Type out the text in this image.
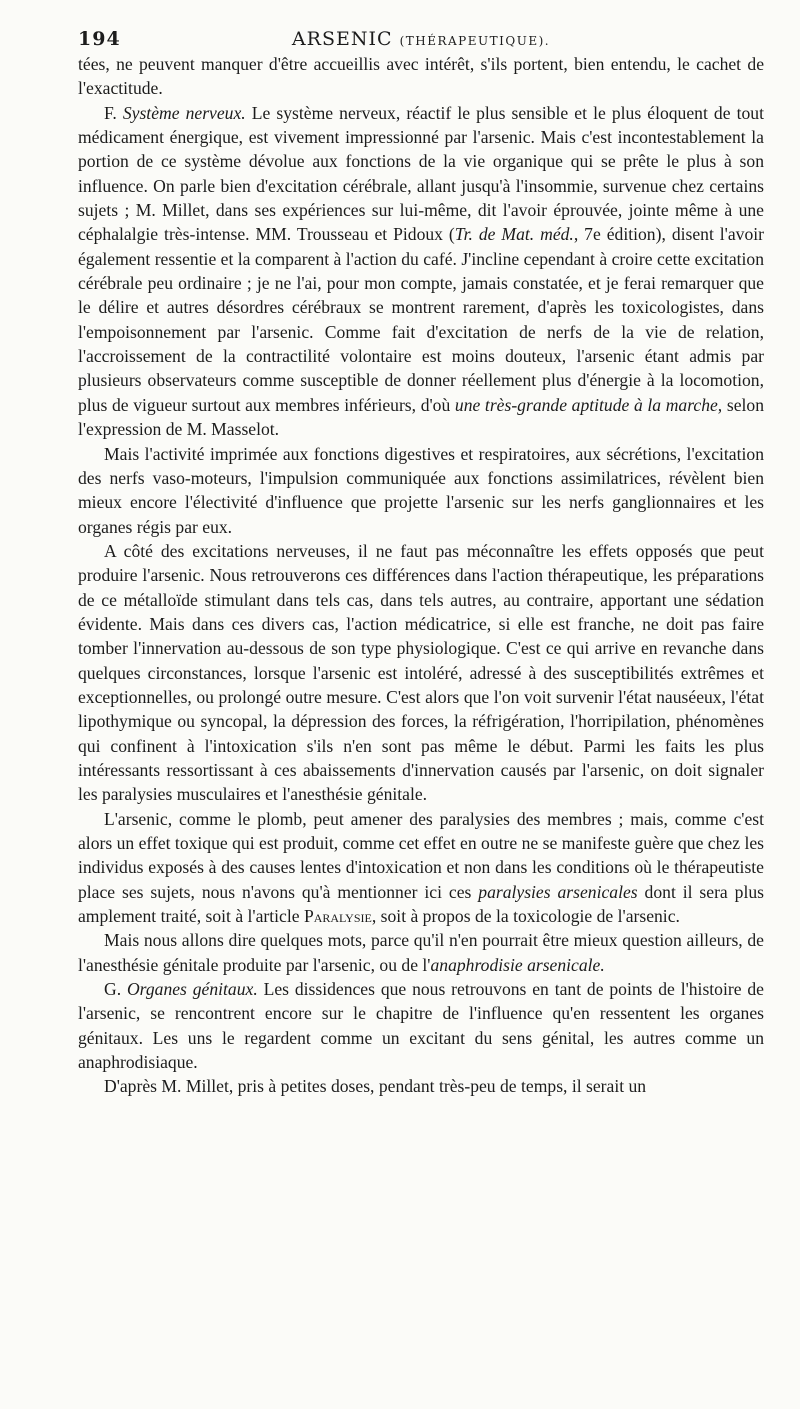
194	ARSENIC (THÉRAPEUTIQUE).

tées, ne peuvent manquer d'être accueillis avec intérêt, s'ils portent, bien entendu, le cachet de l'exactitude.

F. Système nerveux. Le système nerveux, réactif le plus sensible et le plus éloquent de tout médicament énergique, est vivement impressionné par l'arsenic. Mais c'est incontestablement la portion de ce système dévolue aux fonctions de la vie organique qui se prête le plus à son influence. On parle bien d'excitation cérébrale, allant jusqu'à l'insommie, survenue chez certains sujets ; M. Millet, dans ses expériences sur lui-même, dit l'avoir éprouvée, jointe même à une céphalalgie très-intense. MM. Trousseau et Pidoux (Tr. de Mat. méd., 7e édition), disent l'avoir également ressentie et la comparent à l'action du café. J'incline cependant à croire cette excitation cérébrale peu ordinaire ; je ne l'ai, pour mon compte, jamais constatée, et je ferai remarquer que le délire et autres désordres cérébraux se montrent rarement, d'après les toxicologistes, dans l'empoisonnement par l'arsenic. Comme fait d'excitation de nerfs de la vie de relation, l'accroissement de la contractilité volontaire est moins douteux, l'arsenic étant admis par plusieurs observateurs comme susceptible de donner réellement plus d'énergie à la locomotion, plus de vigueur surtout aux membres inférieurs, d'où une très-grande aptitude à la marche, selon l'expression de M. Masselot.

Mais l'activité imprimée aux fonctions digestives et respiratoires, aux sécrétions, l'excitation des nerfs vaso-moteurs, l'impulsion communiquée aux fonctions assimilatrices, révèlent bien mieux encore l'électivité d'influence que projette l'arsenic sur les nerfs ganglionnaires et les organes régis par eux.

A côté des excitations nerveuses, il ne faut pas méconnaître les effets opposés que peut produire l'arsenic. Nous retrouverons ces différences dans l'action thérapeutique, les préparations de ce métalloïde stimulant dans tels cas, dans tels autres, au contraire, apportant une sédation évidente. Mais dans ces divers cas, l'action médicatrice, si elle est franche, ne doit pas faire tomber l'innervation au-dessous de son type physiologique. C'est ce qui arrive en revanche dans quelques circonstances, lorsque l'arsenic est intoléré, adressé à des susceptibilités extrêmes et exceptionnelles, ou prolongé outre mesure. C'est alors que l'on voit survenir l'état nauséeux, l'état lipothymique ou syncopal, la dépression des forces, la réfrigération, l'horripilation, phénomènes qui confinent à l'intoxication s'ils n'en sont pas même le début. Parmi les faits les plus intéressants ressortissant à ces abaissements d'innervation causés par l'arsenic, on doit signaler les paralysies musculaires et l'anesthésie génitale.

L'arsenic, comme le plomb, peut amener des paralysies des membres ; mais, comme c'est alors un effet toxique qui est produit, comme cet effet en outre ne se manifeste guère que chez les individus exposés à des causes lentes d'intoxication et non dans les conditions où le thérapeutiste place ses sujets, nous n'avons qu'à mentionner ici ces paralysies arsenicales dont il sera plus amplement traité, soit à l'article Paralysie, soit à propos de la toxicologie de l'arsenic.

Mais nous allons dire quelques mots, parce qu'il n'en pourrait être mieux question ailleurs, de l'anesthésie génitale produite par l'arsenic, ou de l'anaphrodisie arsenicale.

G. Organes génitaux. Les dissidences que nous retrouvons en tant de points de l'histoire de l'arsenic, se rencontrent encore sur le chapitre de l'influence qu'en ressentent les organes génitaux. Les uns le regardent comme un excitant du sens génital, les autres comme un anaphrodisiaque.

D'après M. Millet, pris à petites doses, pendant très-peu de temps, il serait un
